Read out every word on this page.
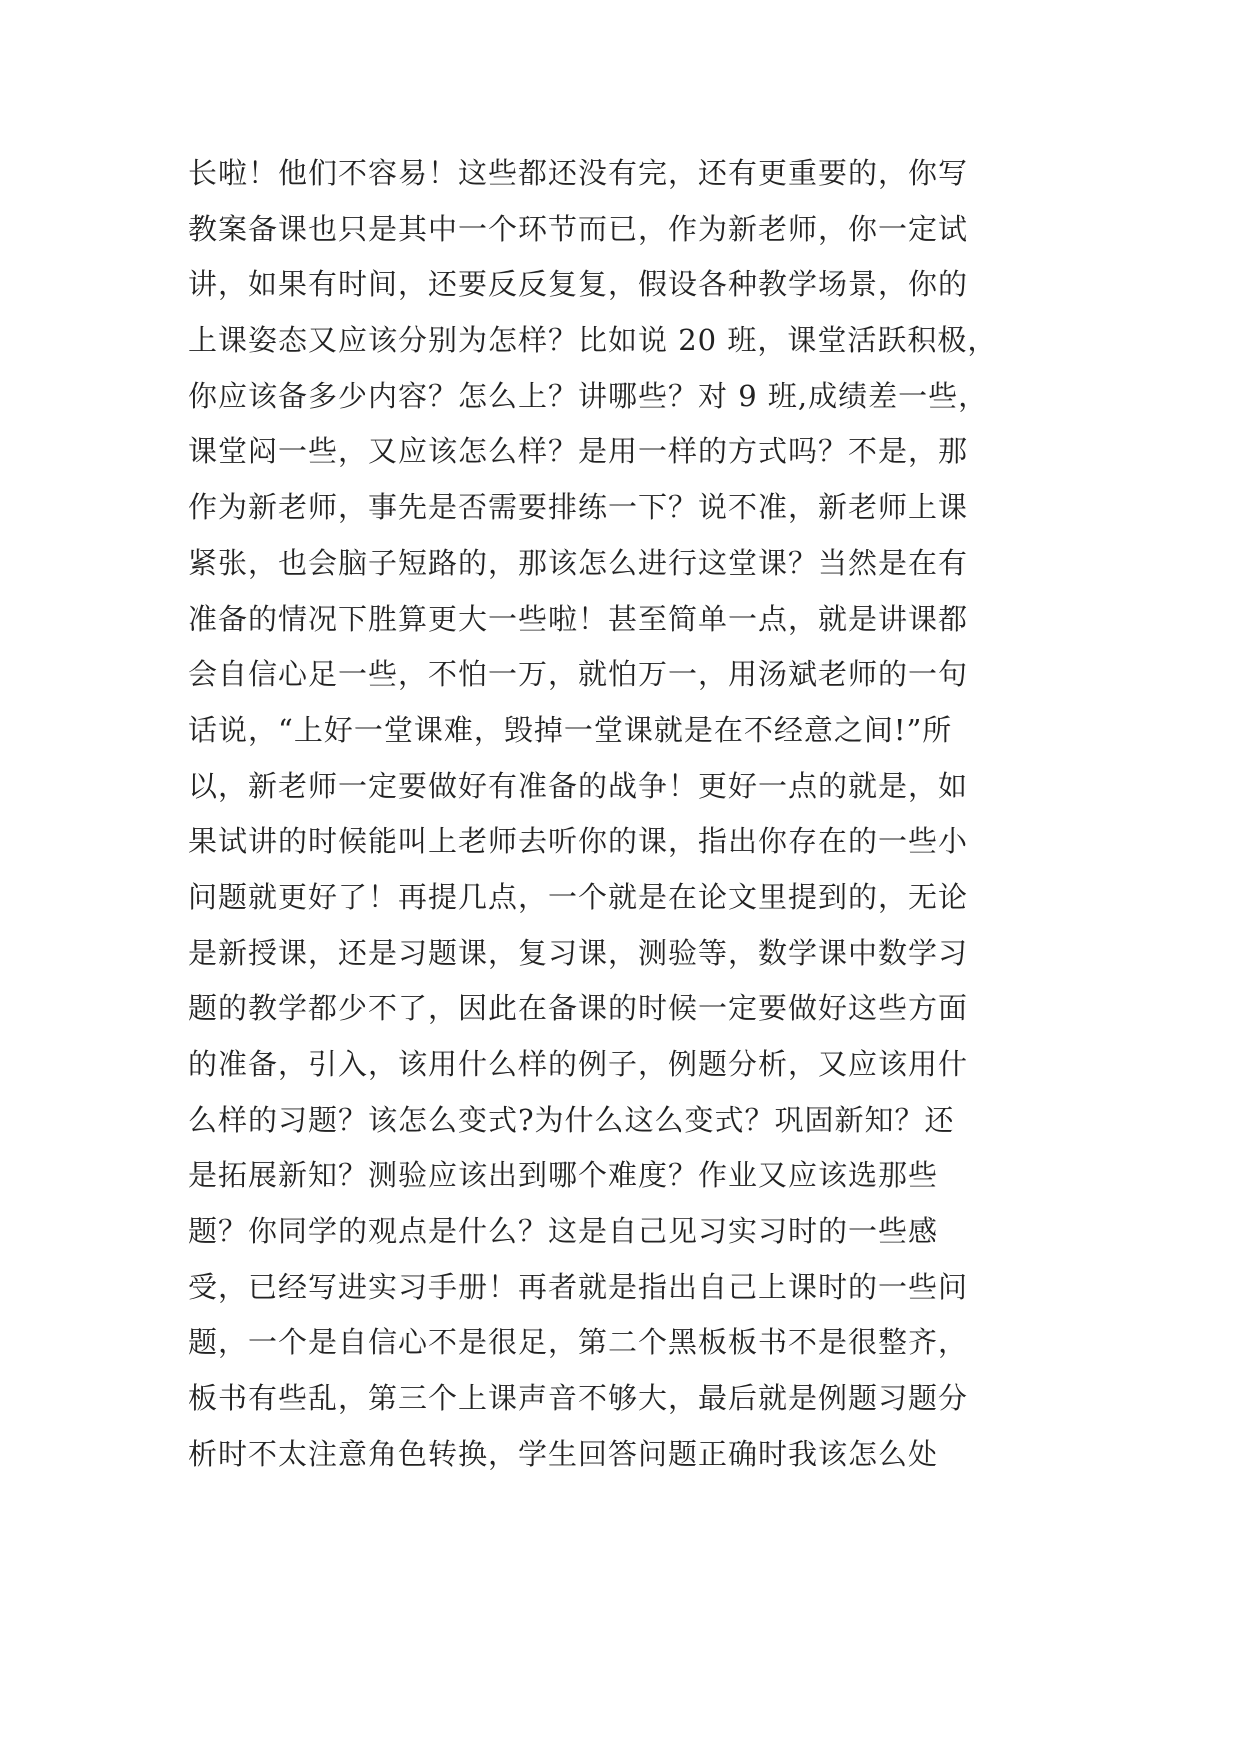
长啦！他们不容易！这些都还没有完，还有更重要的，你写
教案备课也只是其中一个环节而已，作为新老师，你一定试
讲，如果有时间，还要反反复复，假设各种教学场景，你的
上课姿态又应该分别为怎样？比如说 20 班，课堂活跃积极，
你应该备多少内容？怎么上？讲哪些？对 9 班,成绩差一些，
课堂闷一些，又应该怎么样？是用一样的方式吗？不是，那
作为新老师，事先是否需要排练一下？说不准，新老师上课
紧张，也会脑子短路的，那该怎么进行这堂课？当然是在有
准备的情况下胜算更大一些啦！甚至简单一点，就是讲课都
会自信心足一些，不怕一万，就怕万一，用汤斌老师的一句
话说，“上好一堂课难，毁掉一堂课就是在不经意之间!”所
以，新老师一定要做好有准备的战争！更好一点的就是，如
果试讲的时候能叫上老师去听你的课，指出你存在的一些小
问题就更好了！再提几点，一个就是在论文里提到的，无论
是新授课，还是习题课，复习课，测验等，数学课中数学习
题的教学都少不了，因此在备课的时候一定要做好这些方面
的准备，引入，该用什么样的例子，例题分析，又应该用什
么样的习题？该怎么变式?为什么这么变式？巩固新知？还
是拓展新知？测验应该出到哪个难度？作业又应该选那些
题？你同学的观点是什么？这是自己见习实习时的一些感
受，已经写进实习手册！再者就是指出自己上课时的一些问
题，一个是自信心不是很足，第二个黑板板书不是很整齐，
板书有些乱，第三个上课声音不够大，最后就是例题习题分
析时不太注意角色转换，学生回答问题正确时我该怎么处
